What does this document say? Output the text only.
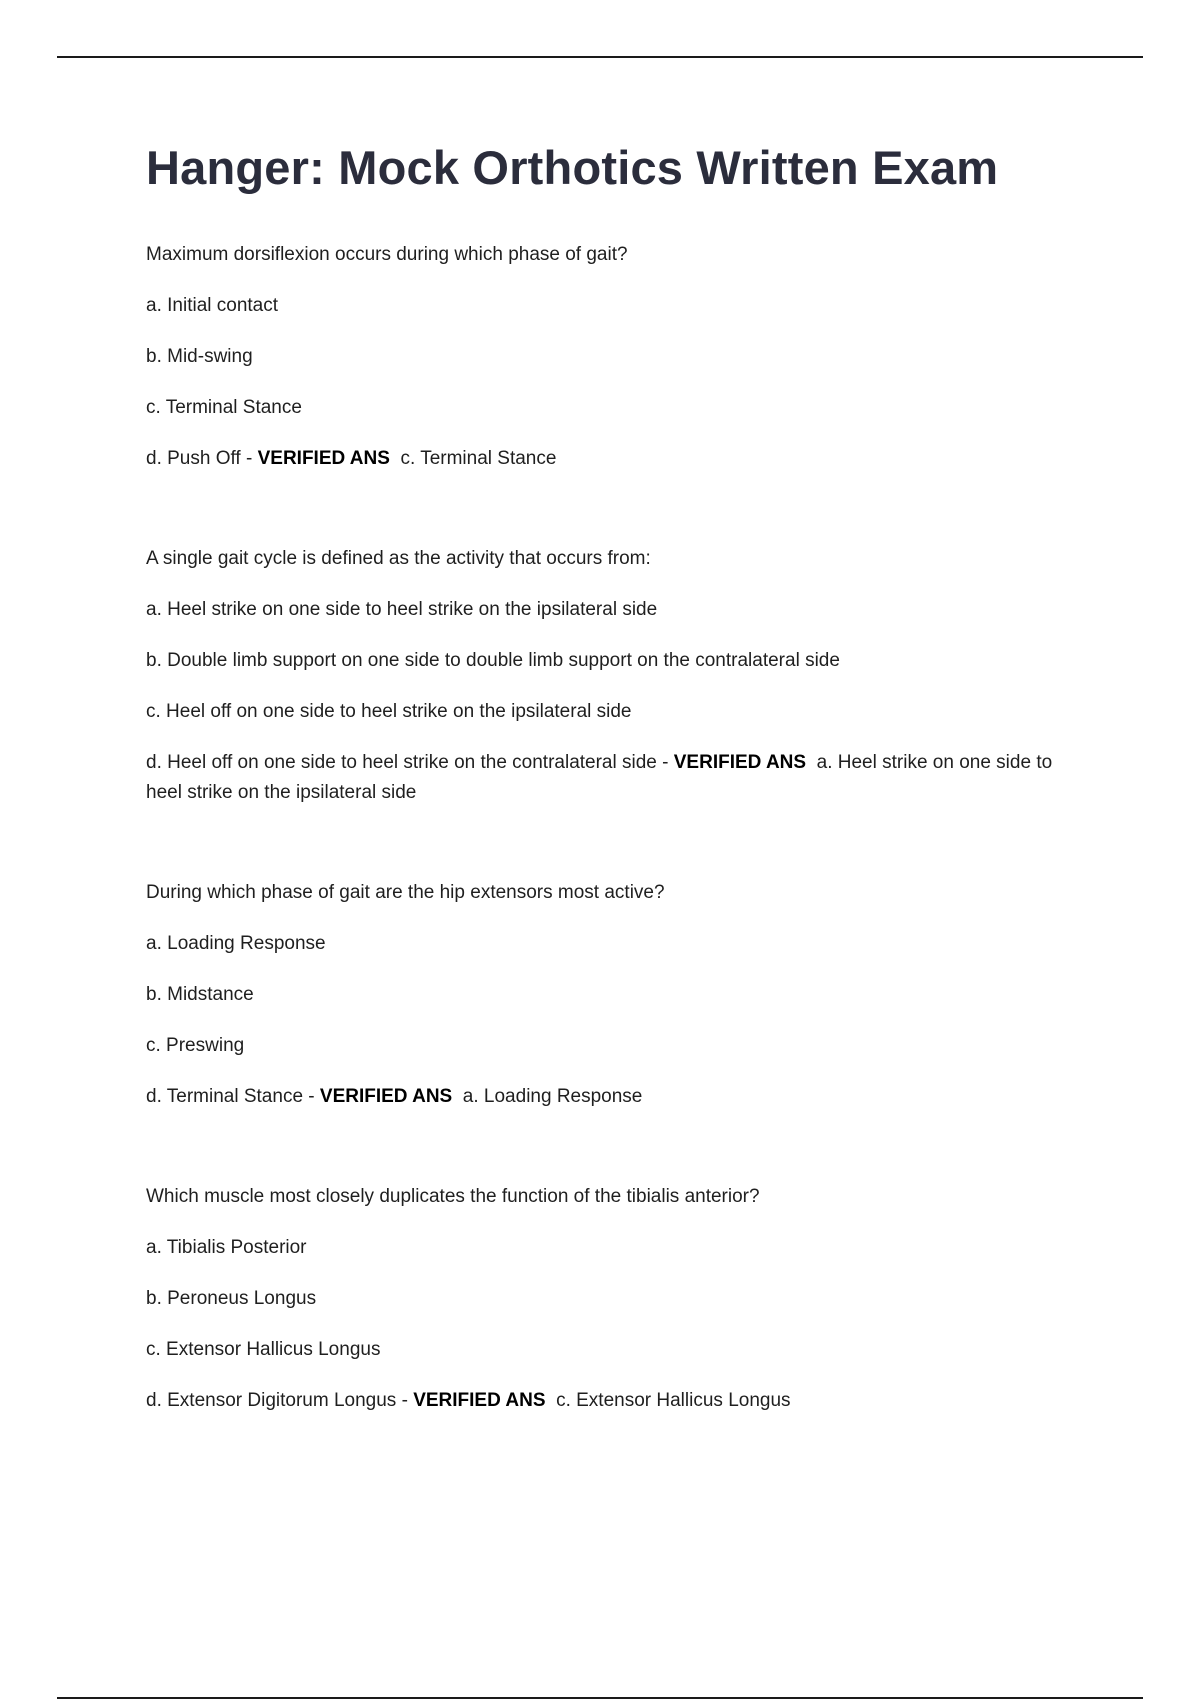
Hanger: Mock Orthotics Written Exam
Maximum dorsiflexion occurs during which phase of gait?
a. Initial contact
b. Mid-swing
c. Terminal Stance
d. Push Off - VERIFIED ANS c. Terminal Stance
A single gait cycle is defined as the activity that occurs from:
a. Heel strike on one side to heel strike on the ipsilateral side
b. Double limb support on one side to double limb support on the contralateral side
c. Heel off on one side to heel strike on the ipsilateral side
d. Heel off on one side to heel strike on the contralateral side - VERIFIED ANS a. Heel strike on one side to heel strike on the ipsilateral side
During which phase of gait are the hip extensors most active?
a. Loading Response
b. Midstance
c. Preswing
d. Terminal Stance - VERIFIED ANS a. Loading Response
Which muscle most closely duplicates the function of the tibialis anterior?
a. Tibialis Posterior
b. Peroneus Longus
c. Extensor Hallicus Longus
d. Extensor Digitorum Longus - VERIFIED ANS c. Extensor Hallicus Longus
